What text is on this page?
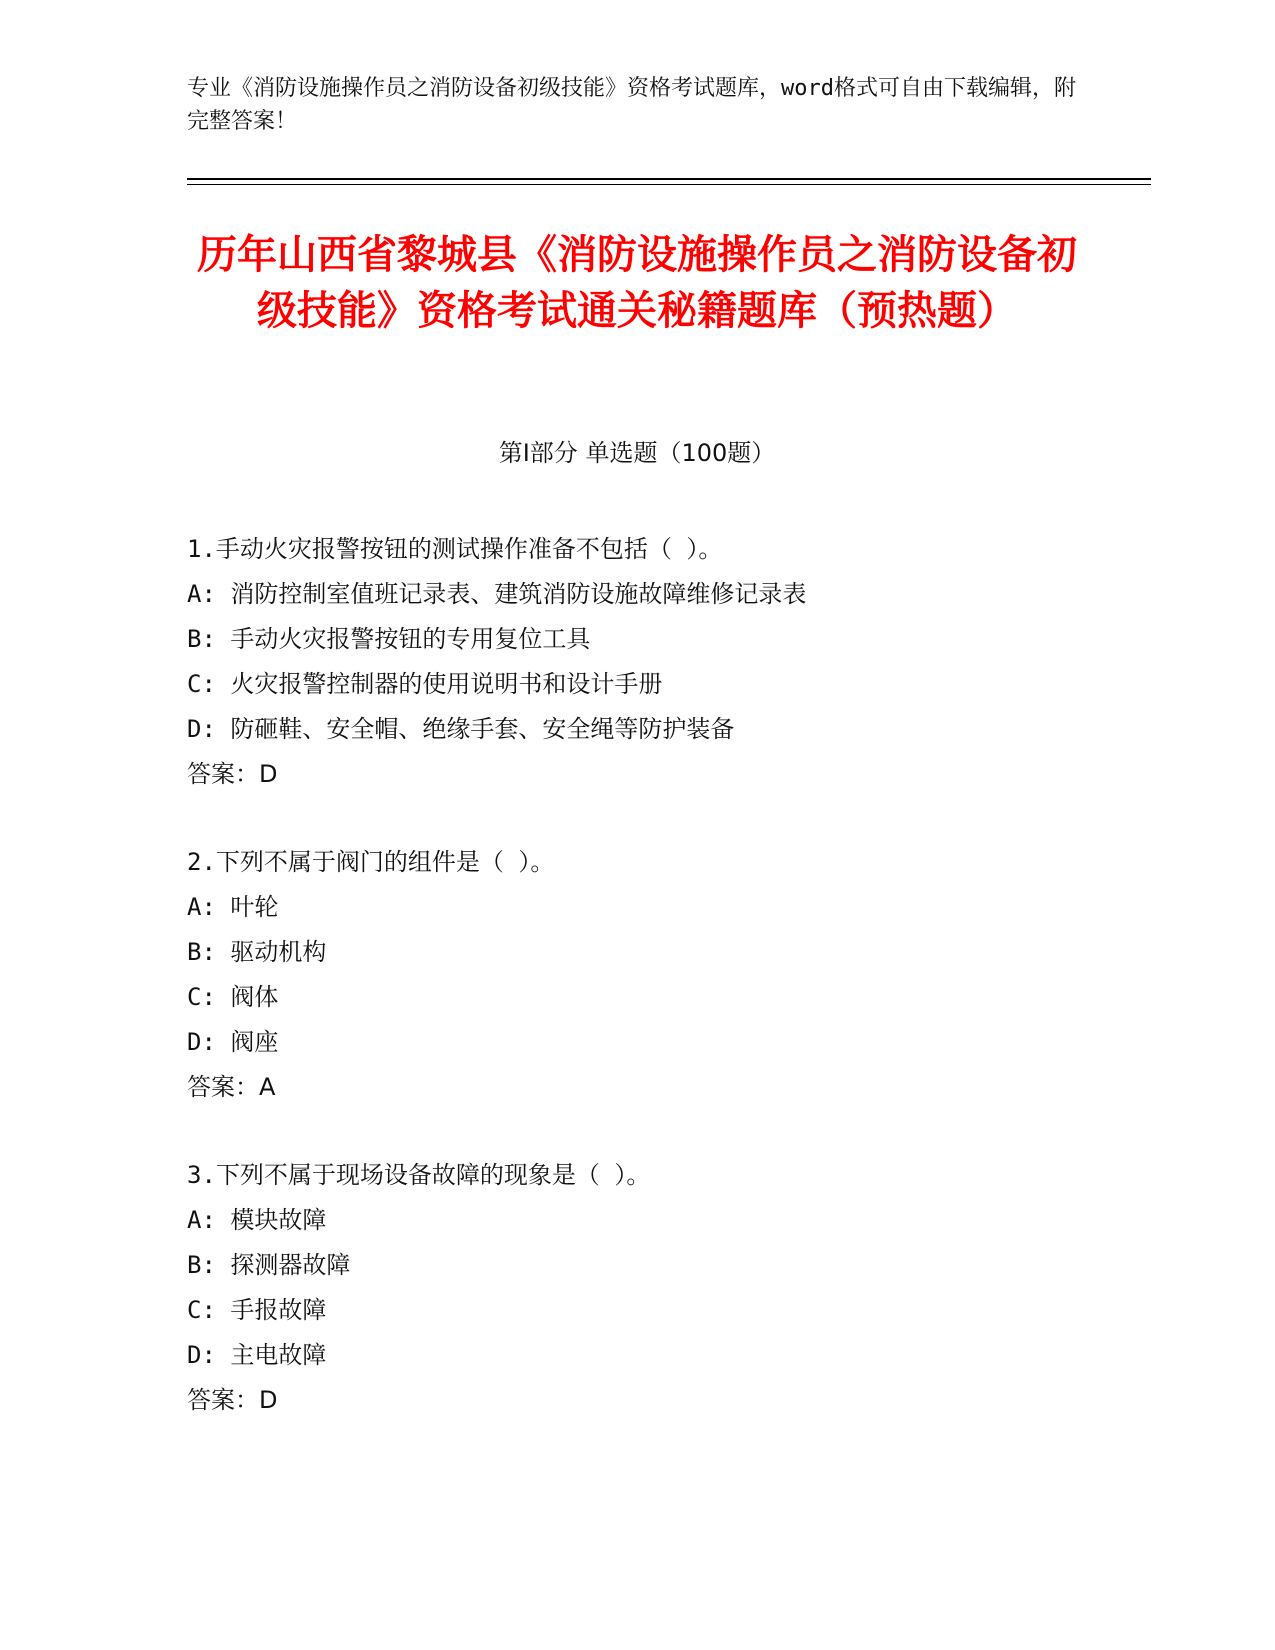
专业《消防设施操作员之消防设备初级技能》资格考试题库，word格式可自由下载编辑，附完整答案！
历年山西省黎城县《消防设施操作员之消防设备初级技能》资格考试通关秘籍题库（预热题）
第I部分 单选题（100题）
1.手动火灾报警按钮的测试操作准备不包括（ ）。
A: 消防控制室值班记录表、建筑消防设施故障维修记录表
B: 手动火灾报警按钮的专用复位工具
C: 火灾报警控制器的使用说明书和设计手册
D: 防砸鞋、安全帽、绝缘手套、安全绳等防护装备
答案：D
2.下列不属于阀门的组件是（ ）。
A: 叶轮
B: 驱动机构
C: 阀体
D: 阀座
答案：A
3.下列不属于现场设备故障的现象是（ ）。
A: 模块故障
B: 探测器故障
C: 手报故障
D: 主电故障
答案：D
